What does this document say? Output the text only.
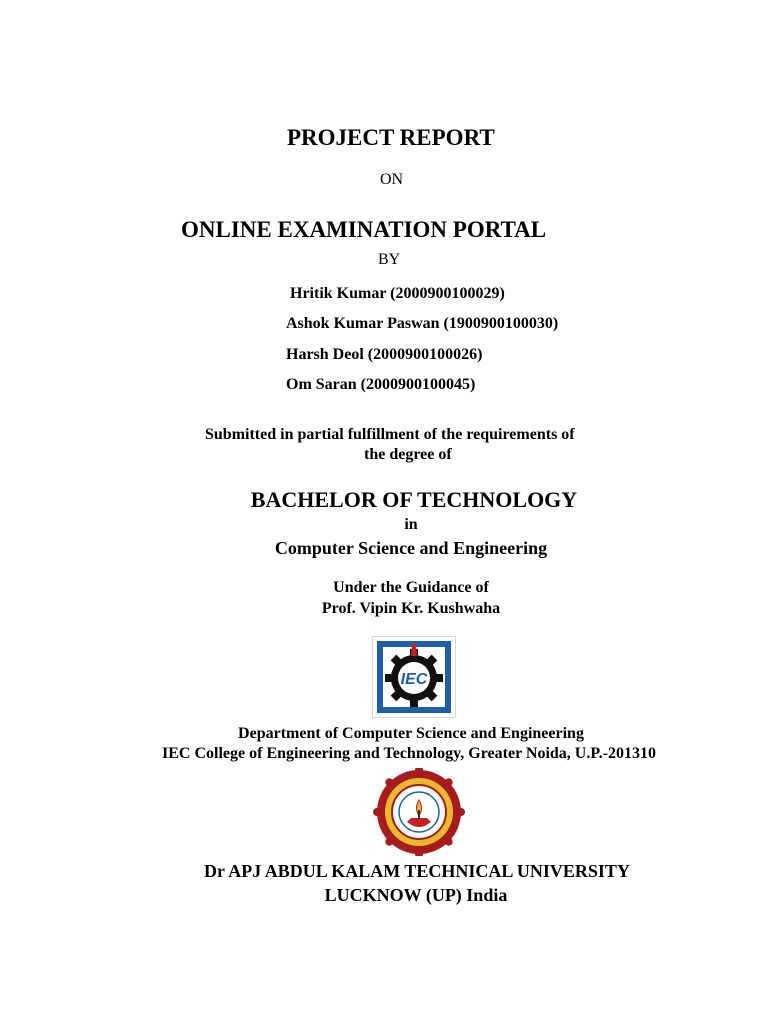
PROJECT REPORT
ON
ONLINE EXAMINATION PORTAL
BY
Hritik Kumar (2000900100029)
Ashok Kumar Paswan (1900900100030)
Harsh Deol (2000900100026)
Om Saran (2000900100045)
Submitted in partial fulfillment of the requirements of
the degree of
BACHELOR OF TECHNOLOGY
in
Computer Science and Engineering
Under the Guidance of
Prof. Vipin Kr. Kushwaha
IEC
Department of Computer Science and Engineering
IEC College of Engineering and Technology, Greater Noida, U.P.-201310
Dr APJ ABDUL KALAM TECHNICAL UNIVERSITY
LUCKNOW (UP) India
